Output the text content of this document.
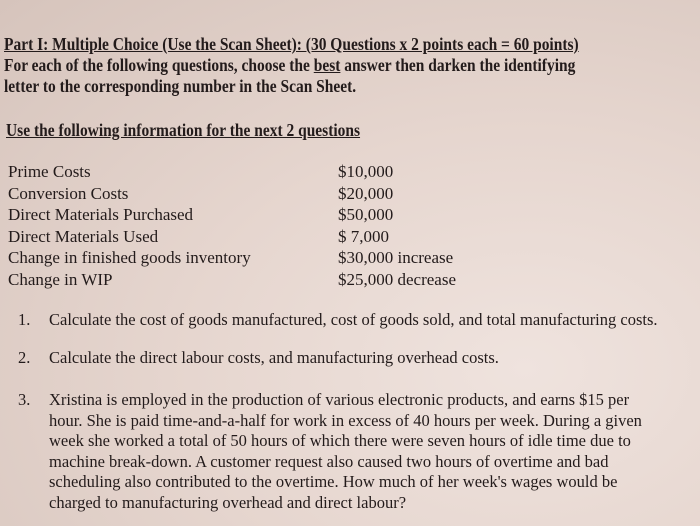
Part I: Multiple Choice (Use the Scan Sheet): (30 Questions x 2 points each = 60 points)
For each of the following questions, choose the best answer then darken the identifying
letter to the corresponding number in the Scan Sheet.
Use the following information for the next 2 questions
Prime Costs	$10,000
Conversion Costs	$20,000
Direct Materials Purchased	$50,000
Direct Materials Used	$ 7,000
Change in finished goods inventory	$30,000 increase
Change in WIP	$25,000 decrease
1. Calculate the cost of goods manufactured, cost of goods sold, and total manufacturing costs.
2. Calculate the direct labour costs, and manufacturing overhead costs.
3. Xristina is employed in the production of various electronic products, and earns $15 per
hour. She is paid time-and-a-half for work in excess of 40 hours per week. During a given
week she worked a total of 50 hours of which there were seven hours of idle time due to
machine break-down. A customer request also caused two hours of overtime and bad
scheduling also contributed to the overtime. How much of her week's wages would be
charged to manufacturing overhead and direct labour?
